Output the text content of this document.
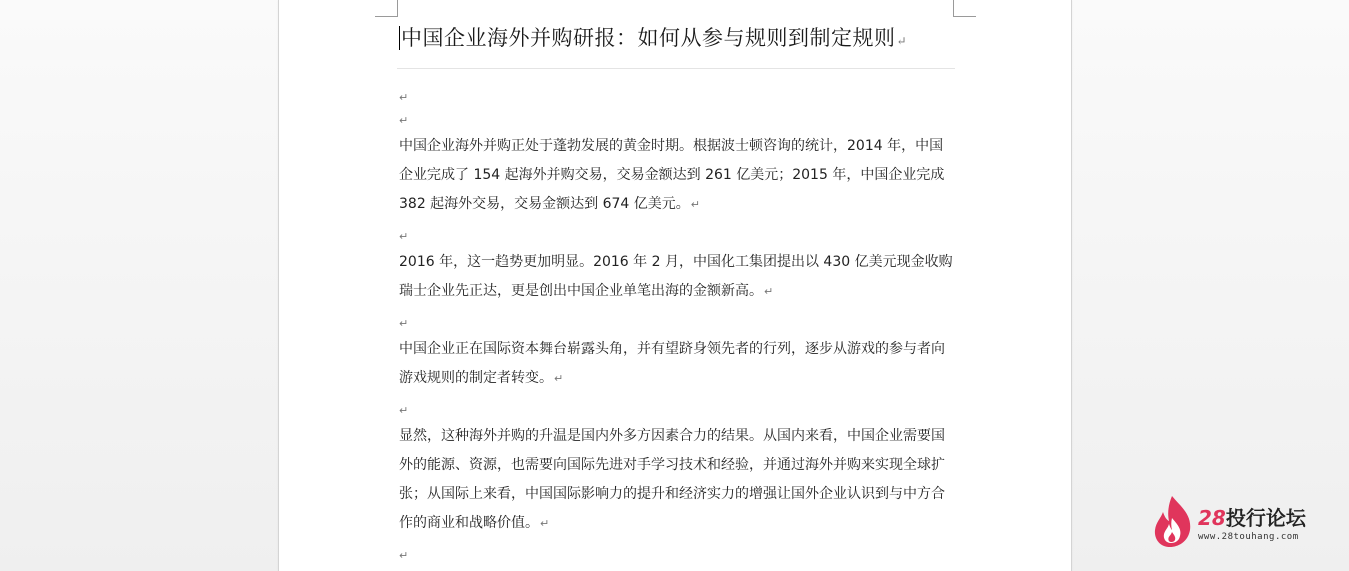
中国企业海外并购研报：如何从参与规则到制定规则↵
↵
↵

中国企业海外并购正处于蓬勃发展的黄金时期。根据波士顿咨询的统计，2014 年，中国企业完成了 154 起海外并购交易，交易金额达到 261 亿美元；2015 年，中国企业完成 382 起海外交易，交易金额达到 674 亿美元。↵

↵

2016 年，这一趋势更加明显。2016 年 2 月，中国化工集团提出以 430 亿美元现金收购瑞士企业先正达，更是创出中国企业单笔出海的金额新高。↵

↵

中国企业正在国际资本舞台崭露头角，并有望跻身领先者的行列，逐步从游戏的参与者向游戏规则的制定者转变。↵

↵

显然，这种海外并购的升温是国内外多方因素合力的结果。从国内来看，中国企业需要国外的能源、资源，也需要向国际先进对手学习技术和经验，并通过海外并购来实现全球扩张；从国际上来看，中国国际影响力的提升和经济实力的增强让国外企业认识到与中方合作的商业和战略价值。↵

↵
28投行论坛
www.28touhang.com
